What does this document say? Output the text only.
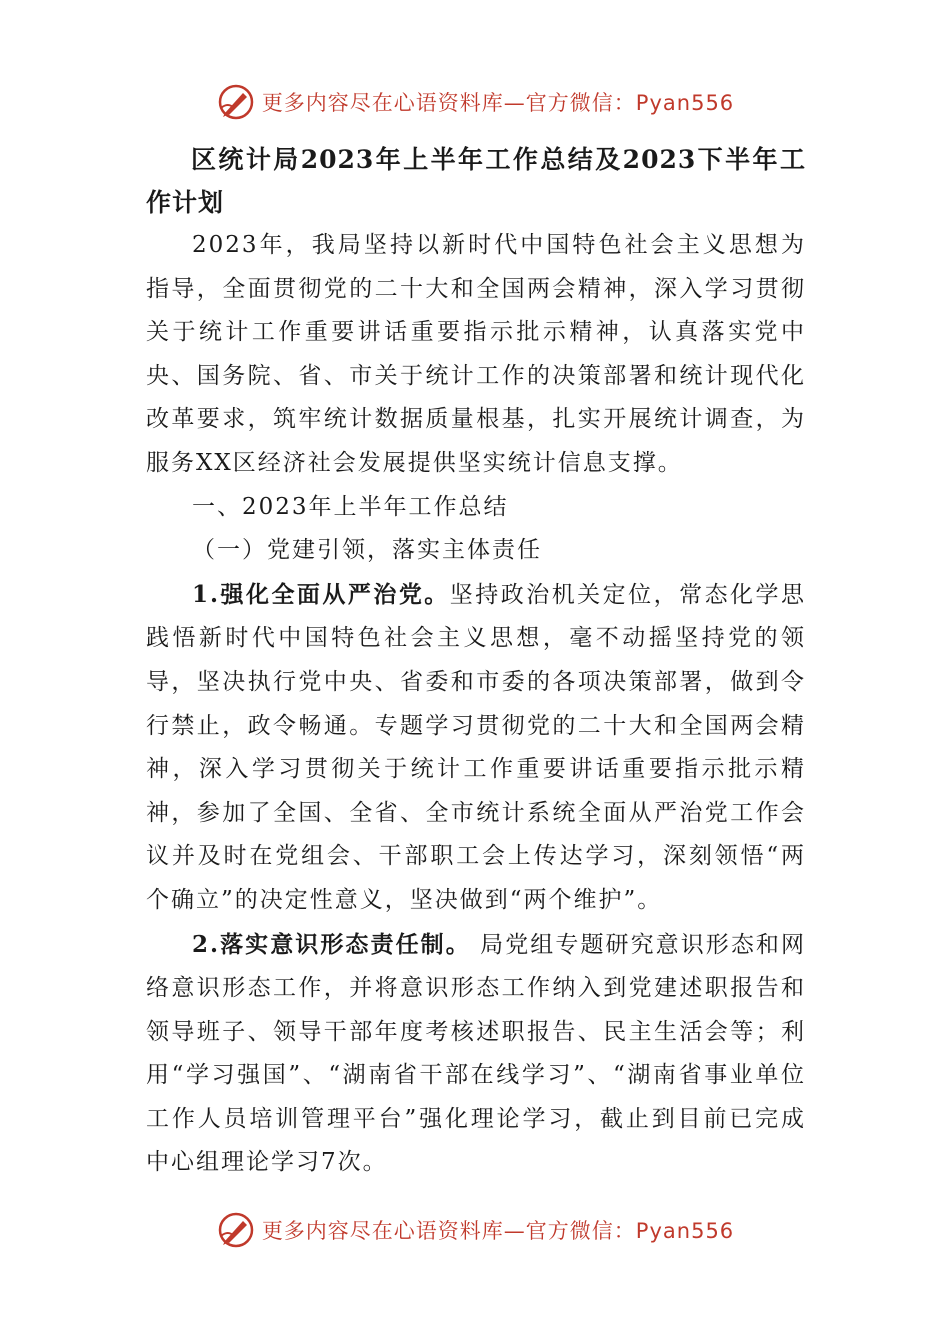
更多内容尽在心语资料库—官方微信：Pyan556

区统计局2023年上半年工作总结及2023下半年工作计划

2023年，我局坚持以新时代中国特色社会主义思想为指导，全面贯彻党的二十大和全国两会精神，深入学习贯彻关于统计工作重要讲话重要指示批示精神，认真落实党中央、国务院、省、市关于统计工作的决策部署和统计现代化改革要求，筑牢统计数据质量根基，扎实开展统计调查，为服务XX区经济社会发展提供坚实统计信息支撑。

一、2023年上半年工作总结

（一）党建引领，落实主体责任

1.强化全面从严治党。坚持政治机关定位，常态化学思践悟新时代中国特色社会主义思想，毫不动摇坚持党的领导，坚决执行党中央、省委和市委的各项决策部署，做到令行禁止，政令畅通。专题学习贯彻党的二十大和全国两会精神，深入学习贯彻关于统计工作重要讲话重要指示批示精神，参加了全国、全省、全市统计系统全面从严治党工作会议并及时在党组会、干部职工会上传达学习，深刻领悟“两个确立”的决定性意义，坚决做到“两个维护”。

2.落实意识形态责任制。 局党组专题研究意识形态和网络意识形态工作，并将意识形态工作纳入到党建述职报告和领导班子、领导干部年度考核述职报告、民主生活会等；利用“学习强国”、“湖南省干部在线学习”、“湖南省事业单位工作人员培训管理平台”强化理论学习，截止到目前已完成中心组理论学习7次。

更多内容尽在心语资料库—官方微信：Pyan556
